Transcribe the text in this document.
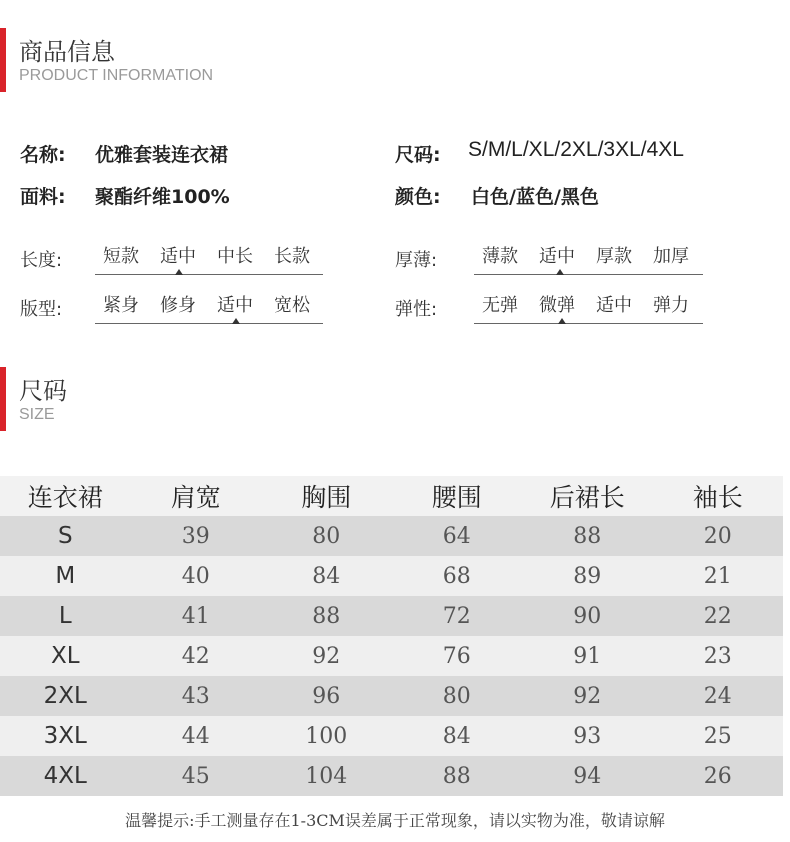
商品信息
PRODUCT INFORMATION
名称: 优雅套装连衣裙	尺码: S/M/L/XL/2XL/3XL/4XL
面料: 聚酯纤维100%	颜色: 白色/蓝色/黑色
长度: 短款 适中 中长 长款	厚薄: 薄款 适中 厚款 加厚
版型: 紧身 修身 适中 宽松	弹性: 无弹 微弹 适中 弹力
尺码
SIZE
连衣裙	肩宽	胸围	腰围	后裙长	袖长
S	39	80	64	88	20
M	40	84	68	89	21
L	41	88	72	90	22
XL	42	92	76	91	23
2XL	43	96	80	92	24
3XL	44	100	84	93	25
4XL	45	104	88	94	26
温馨提示:手工测量存在1-3CM误差属于正常现象，请以实物为准，敬请谅解
